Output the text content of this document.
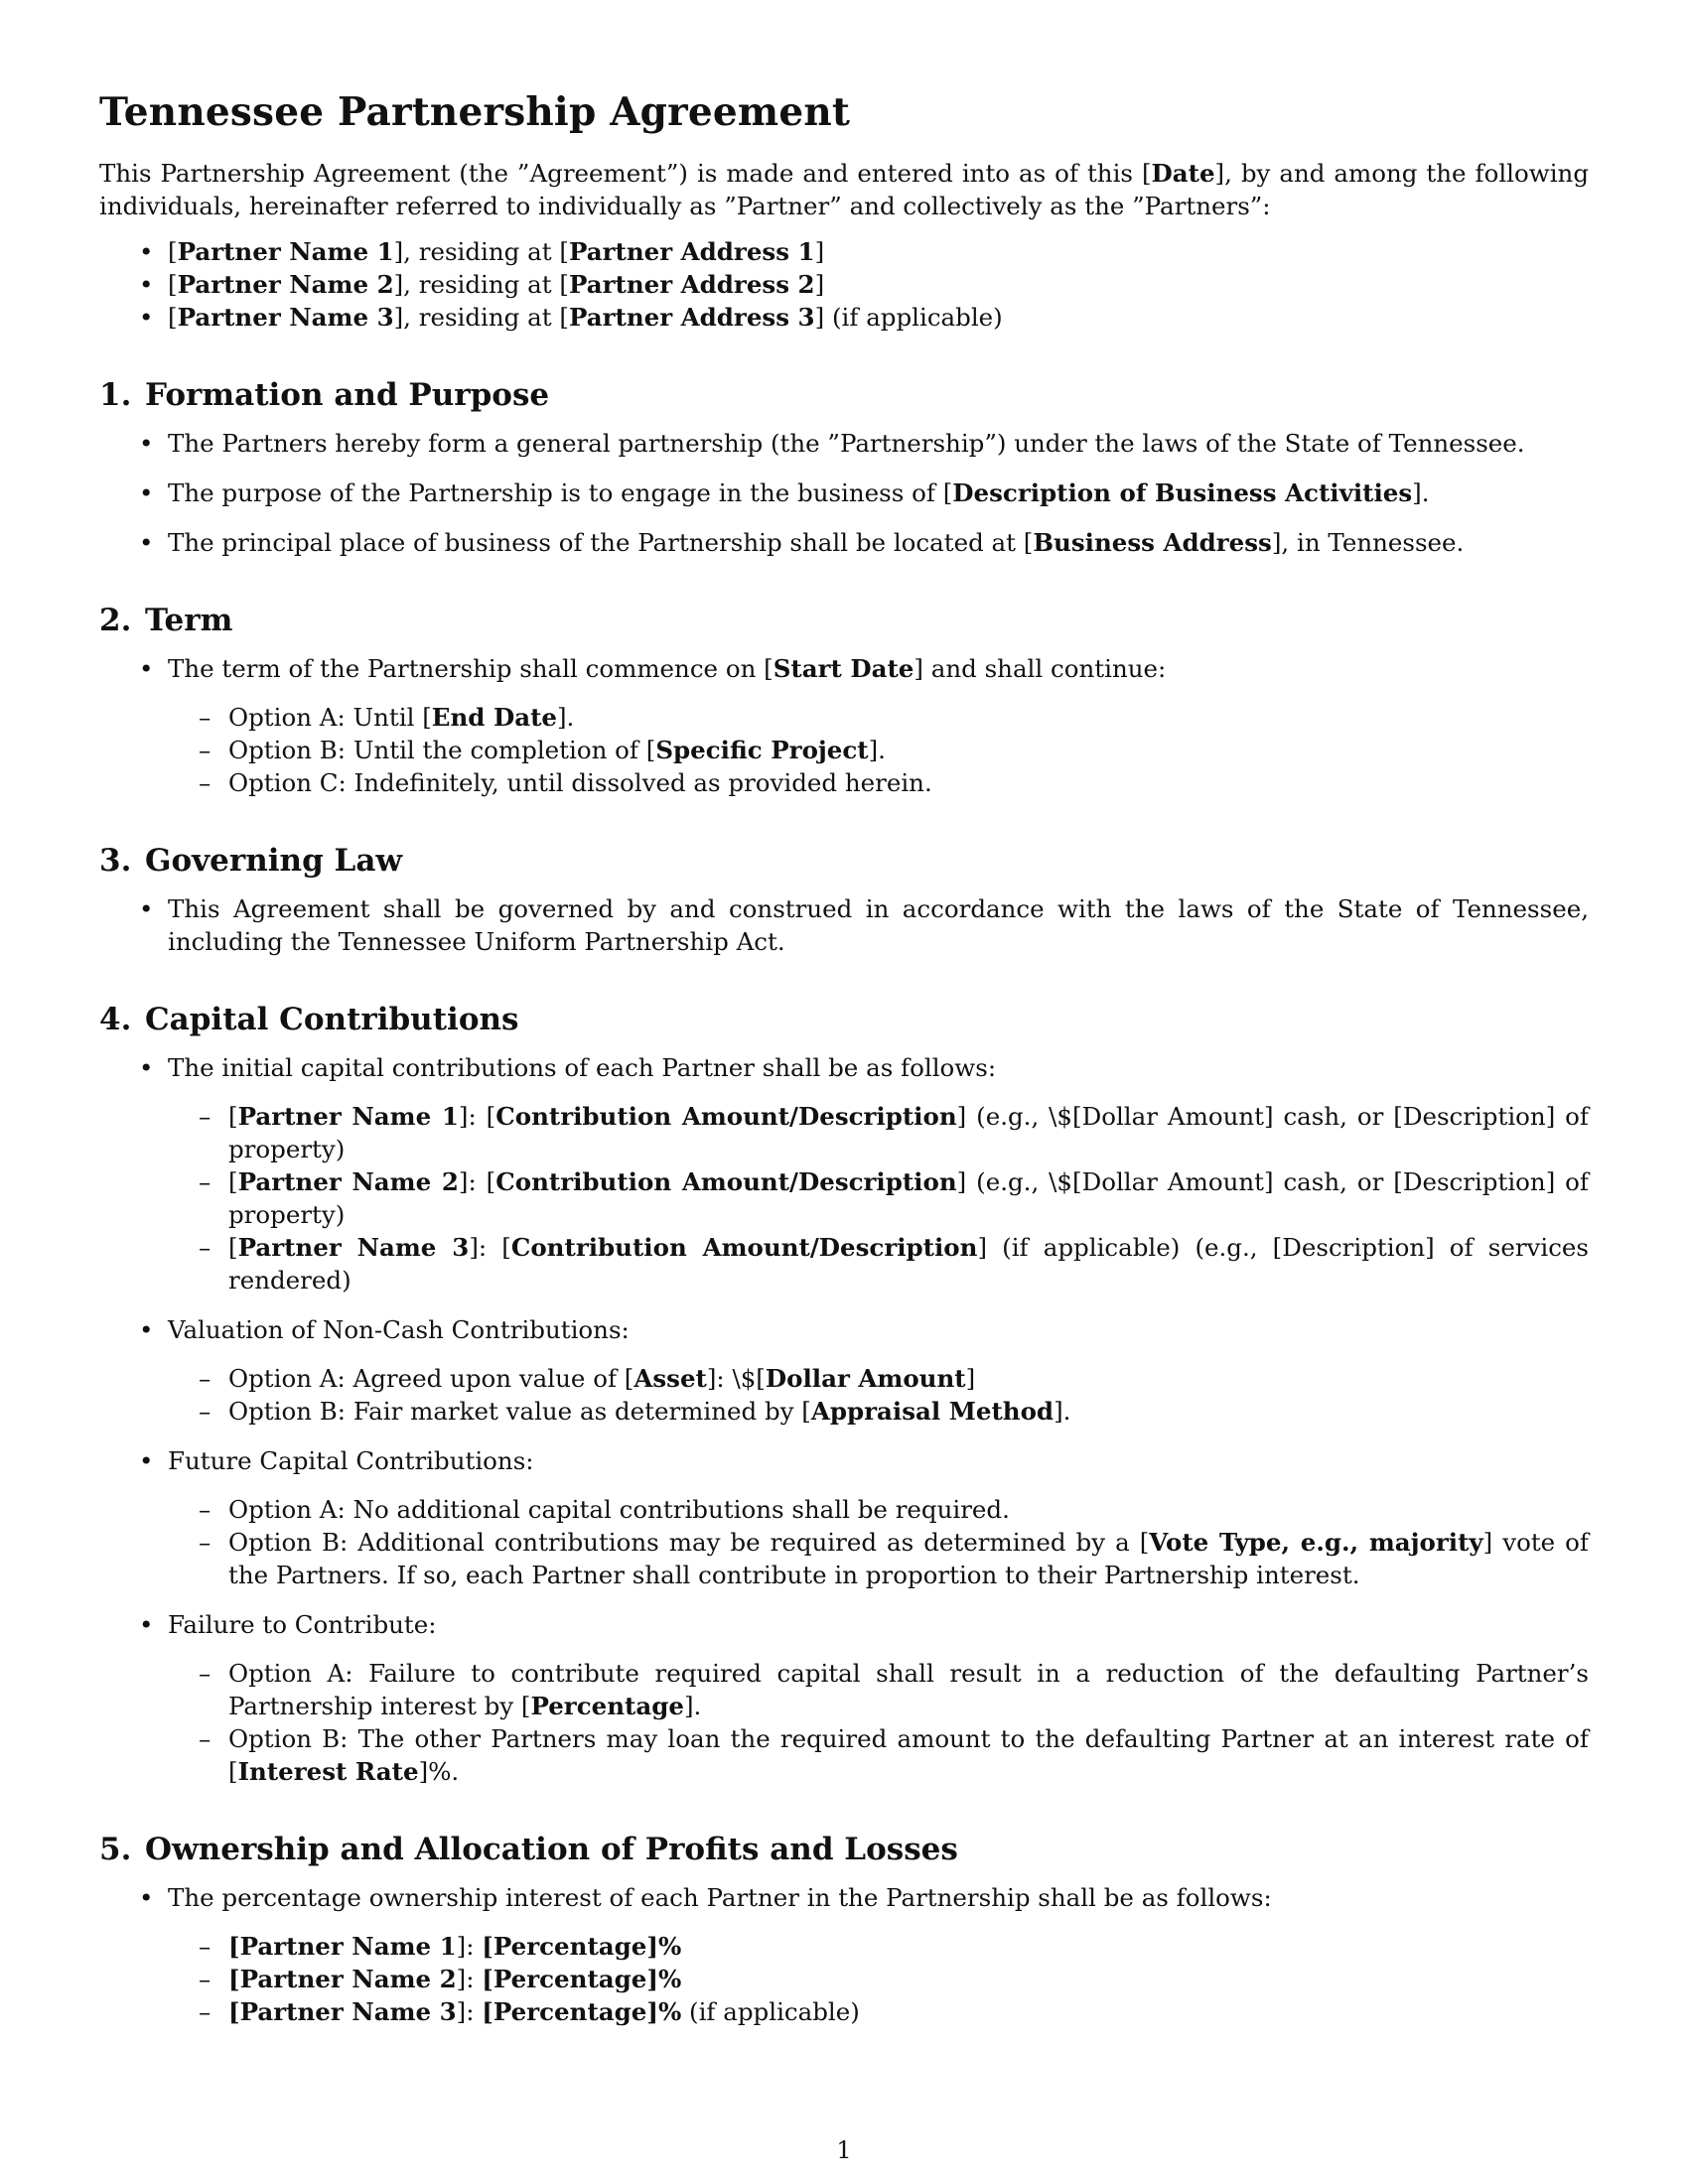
Tennessee Partnership Agreement

This Partnership Agreement (the ”Agreement”) is made and entered into as of this [Date], by and among the following individuals, hereinafter referred to individually as ”Partner” and collectively as the ”Partners”:

• [Partner Name 1], residing at [Partner Address 1]
• [Partner Name 2], residing at [Partner Address 2]
• [Partner Name 3], residing at [Partner Address 3] (if applicable)
1. Formation and Purpose
• The Partners hereby form a general partnership (the ”Partnership”) under the laws of the State of Tennessee.
• The purpose of the Partnership is to engage in the business of [Description of Business Activities].
• The principal place of business of the Partnership shall be located at [Business Address], in Tennessee.
2. Term
• The term of the Partnership shall commence on [Start Date] and shall continue:
– Option A: Until [End Date].
– Option B: Until the completion of [Specific Project].
– Option C: Indefinitely, until dissolved as provided herein.
3. Governing Law
• This Agreement shall be governed by and construed in accordance with the laws of the State of Tennessee, including the Tennessee Uniform Partnership Act.
4. Capital Contributions
• The initial capital contributions of each Partner shall be as follows:
– [Partner Name 1]: [Contribution Amount/Description] (e.g., \$[Dollar Amount] cash, or [Description] of property)
– [Partner Name 2]: [Contribution Amount/Description] (e.g., \$[Dollar Amount] cash, or [Description] of property)
– [Partner Name 3]: [Contribution Amount/Description] (if applicable) (e.g., [Description] of services rendered)
• Valuation of Non-Cash Contributions:
– Option A: Agreed upon value of [Asset]: \$[Dollar Amount]
– Option B: Fair market value as determined by [Appraisal Method].
• Future Capital Contributions:
– Option A: No additional capital contributions shall be required.
– Option B: Additional contributions may be required as determined by a [Vote Type, e.g., majority] vote of the Partners. If so, each Partner shall contribute in proportion to their Partnership interest.
• Failure to Contribute:
– Option A: Failure to contribute required capital shall result in a reduction of the defaulting Partner’s Partnership interest by [Percentage].
– Option B: The other Partners may loan the required amount to the defaulting Partner at an interest rate of [Interest Rate]%.
5. Ownership and Allocation of Profits and Losses
• The percentage ownership interest of each Partner in the Partnership shall be as follows:
– [Partner Name 1]: [Percentage]%
– [Partner Name 2]: [Percentage]%
– [Partner Name 3]: [Percentage]% (if applicable)
1
